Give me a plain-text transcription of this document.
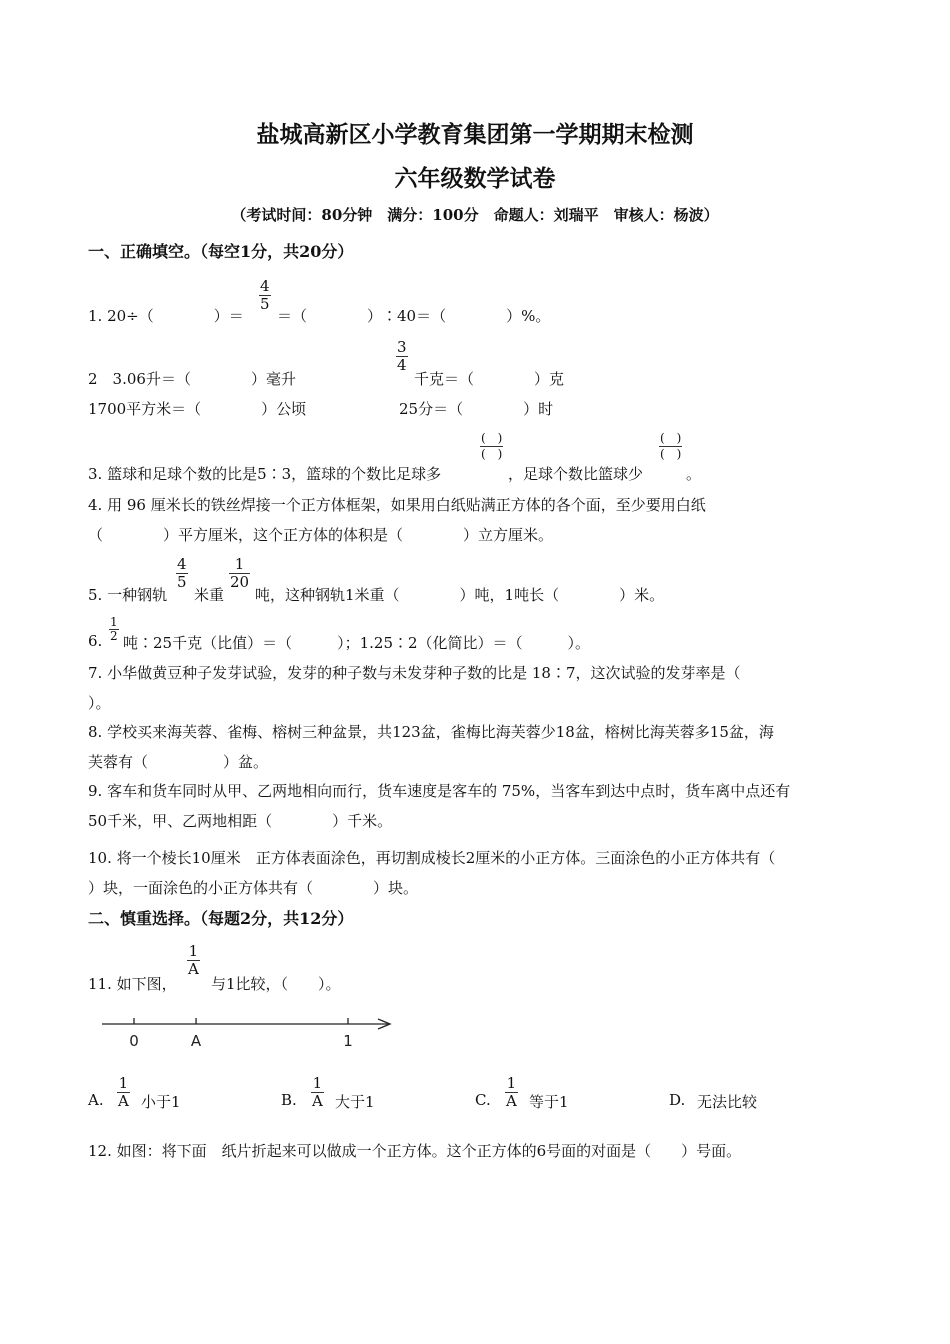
盐城高新区小学教育集团第一学期期末检测
六年级数学试卷
（考试时间：80分钟　满分：100分　命题人：刘瑞平　审核人：杨波）
一、正确填空。（每空1分，共20分）
1. 20÷（　　　　）＝
$\frac{4}{5}$
＝（　　　　）∶40＝（　　　　）%。
2　3.06升＝（　　　　）毫升
$\frac{3}{4}$
千克＝（　　　　）克
1700平方米＝（　　　　）公顷	25分＝（　　　　）时
3. 篮球和足球个数的比是5∶3，篮球的个数比足球多
(　)
(　)
，足球个数比篮球少
(　)
(　)
。
4. 用 96 厘米长的铁丝焊接一个正方体框架，如果用白纸贴满正方体的各个面，至少要用白纸
（　　　　）平方厘米，这个正方体的体积是（　　　　）立方厘米。
5. 一种钢轨
$\frac{4}{5}$
米重
$\frac{1}{20}$
吨，这种钢轨1米重（　　　　）吨，1吨长（　　　　）米。
6. $\frac{1}{2}$ 吨∶25千克（比值）＝（　　　）；1.25∶2（化简比）＝（　　　）。
7. 小华做黄豆种子发芽试验，发芽的种子数与未发芽种子数的比是 18∶7，这次试验的发芽率是（
）。
8. 学校买来海芙蓉、雀梅、榕树三种盆景，共123盆，雀梅比海芙蓉少18盆，榕树比海芙蓉多15盆，海
芙蓉有（　　　　　）盆。
9. 客车和货车同时从甲、乙两地相向而行，货车速度是客车的 75%，当客车到达中点时，货车离中点还有
50千米，甲、乙两地相距（　　　　）千米。
10. 将一个棱长10厘米　正方体表面涂色，再切割成棱长2厘米的小正方体。三面涂色的小正方体共有（
）块，一面涂色的小正方体共有（　　　　）块。
二、慎重选择。（每题2分，共12分）
11. 如下图，
$\frac{1}{A}$
与1比较，（　　）。
0	A	1
A. $\frac{1}{A}$ 小于1	B. $\frac{1}{A}$ 大于1	C. $\frac{1}{A}$ 等于1	D. 无法比较
12. 如图：将下面　纸片折起来可以做成一个正方体。这个正方体的6号面的对面是（　　）号面。
